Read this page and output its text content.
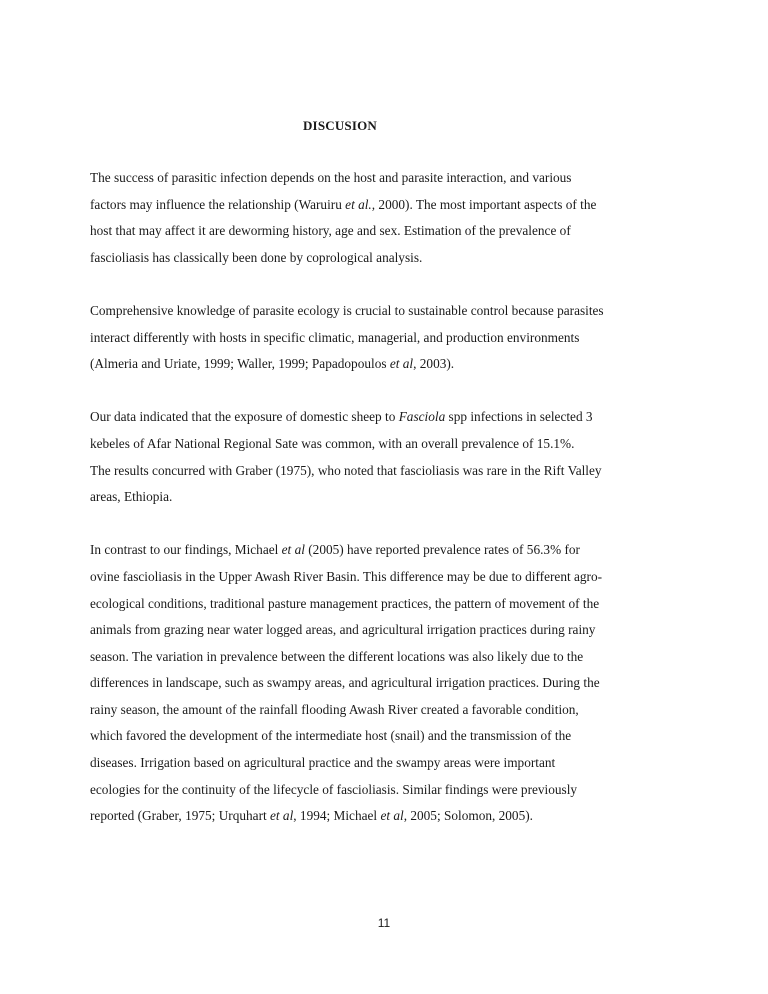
DISCUSION
The success of parasitic infection depends on the host and parasite interaction, and various
factors may influence the relationship (Waruiru et al., 2000). The most important aspects of the
host that may affect it are deworming history, age and sex. Estimation of the prevalence of
fascioliasis has classically been done by coprological analysis.
Comprehensive knowledge of parasite ecology is crucial to sustainable control because parasites
interact differently with hosts in specific climatic, managerial, and production environments
(Almeria and Uriate, 1999; Waller, 1999; Papadopoulos et al, 2003).
Our data indicated that the exposure of domestic sheep to Fasciola spp infections in selected 3
kebeles of Afar National Regional Sate was common, with an overall prevalence of 15.1%.
The results concurred with Graber (1975), who noted that fascioliasis was rare in the Rift Valley
areas, Ethiopia.
In contrast to our findings, Michael et al (2005) have reported prevalence rates of 56.3% for
ovine fascioliasis in the Upper Awash River Basin. This difference may be due to different agro-
ecological conditions, traditional pasture management practices, the pattern of movement of the
animals from grazing near water logged areas, and agricultural irrigation practices during rainy
season. The variation in prevalence between the different locations was also likely due to the
differences in landscape, such as swampy areas, and agricultural irrigation practices. During the
rainy season, the amount of the rainfall flooding Awash River created a favorable condition,
which favored the development of the intermediate host (snail) and the transmission of the
diseases. Irrigation based on agricultural practice and the swampy areas were important
ecologies for the continuity of the lifecycle of fascioliasis. Similar findings were previously
reported (Graber, 1975; Urquhart et al, 1994; Michael et al, 2005; Solomon, 2005).
11
